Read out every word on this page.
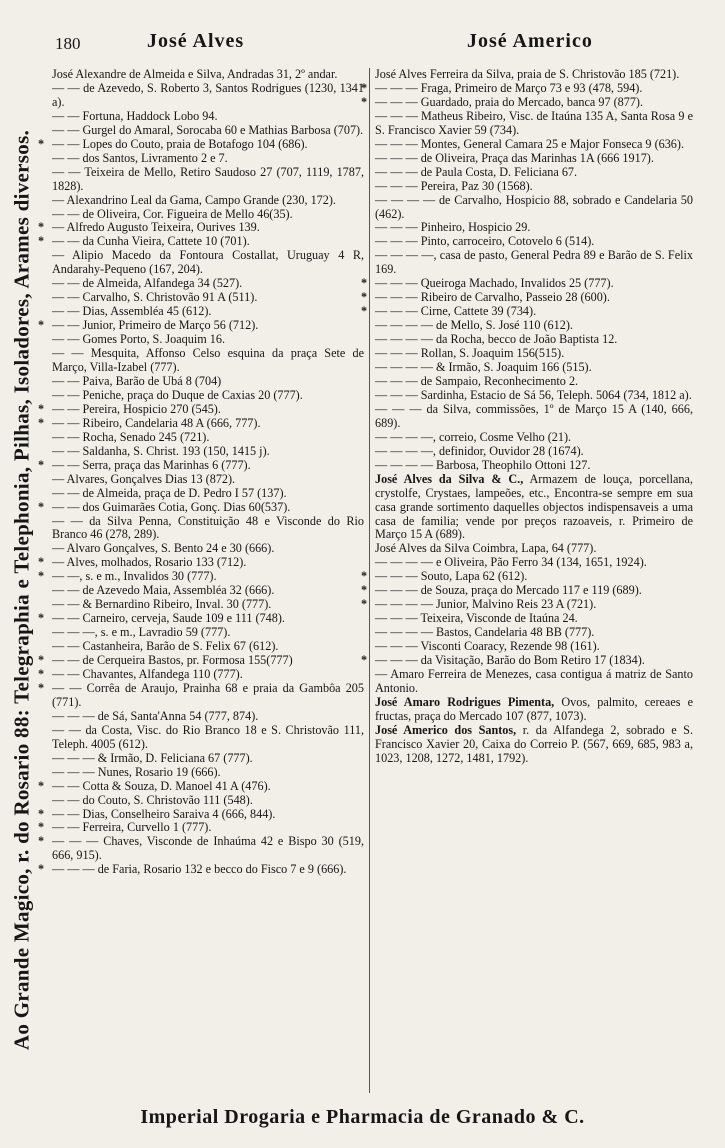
180	José Alves	José Americo
Ao Grande Magico, r. do Rosario 88: Telegraphia e Telephonia, Pilhas, Isoladores, Arames diversos.
José Alexandre de Almeida e Silva, Andradas 31, 2º andar.
— — de Azevedo, S. Roberto 3, Santos Rodrigues (1230, 1341 a).
— — Fortuna, Haddock Lobo 94.
— — Gurgel do Amaral, Sorocaba 60 e Mathias Barbosa (707).
* — — Lopes do Couto, praia de Botafogo 104 (686).
— — dos Santos, Livramento 2 e 7.
— — Teixeira de Mello, Retiro Saudoso 27 (707, 1119, 1787, 1828).
— Alexandrino Leal da Gama, Campo Grande (230, 172).
— — de Oliveira, Cor. Figueira de Mello 46(35).
* — Alfredo Augusto Teixeira, Ourives 139.
* — — da Cunha Vieira, Cattete 10 (701).
— Alipio Macedo da Fontoura Costallat, Uruguay 4 R, Andarahy-Pequeno (167, 204).
— — de Almeida, Alfandega 34 (527).
— — Carvalho, S. Christovão 91 A (511).
— — Dias, Assembléa 45 (612).
* — — Junior, Primeiro de Março 56 (712).
— — Gomes Porto, S. Joaquim 16.
— — Mesquita, Affonso Celso esquina da praça Sete de Março, Villa-Izabel (777).
— — Paiva, Barão de Ubá 8 (704)
— — Peniche, praça do Duque de Caxias 20 (777).
* — — Pereira, Hospicio 270 (545).
* — — Ribeiro, Candelaria 48 A (666, 777).
— — Rocha, Senado 245 (721).
— — Saldanha, S. Christ. 193 (150, 1415 j).
* — — Serra, praça das Marinhas 6 (777).
— Alvares, Gonçalves Dias 13 (872).
— — de Almeida, praça de D. Pedro I 57 (137).
* — — dos Guimarães Cotia, Gonç. Dias 60(537).
— — da Silva Penna, Constituição 48 e Visconde do Rio Branco 46 (278, 289).
— Alvaro Gonçalves, S. Bento 24 e 30 (666).
* — Alves, molhados, Rosario 133 (712).
* — —, s. e m., Invalidos 30 (777).
— — de Azevedo Maia, Assembléa 32 (666).
— — & Bernardino Ribeiro, Inval. 30 (777).
* — — Carneiro, cerveja, Saude 109 e 111 (748).
— — —, s. e m., Lavradio 59 (777).
— — Castanheira, Barão de S. Felix 67 (612).
* — — de Cerqueira Bastos, pr. Formosa 155(777)
* — — Chavantes, Alfandega 110 (777).
* — — Corrêa de Araujo, Prainha 68 e praia da Gambôa 205 (771).
— — — de Sá, Santa'Anna 54 (777, 874).
— — da Costa, Visc. do Rio Branco 18 e S. Christovão 111, Teleph. 4005 (612).
— — — & Irmão, D. Feliciana 67 (777).
— — — Nunes, Rosario 19 (666).
* — — Cotta & Souza, D. Manoel 41 A (476).
— — do Couto, S. Christovão 111 (548).
* — — Dias, Conselheiro Saraiva 4 (666, 844).
* — — Ferreira, Curvello 1 (777).
* — — — Chaves, Visconde de Inhaúma 42 e Bispo 30 (519, 666, 915).
* — — — de Faria, Rosario 132 e becco do Fisco 7 e 9 (666).
José Alves Ferreira da Silva, praia de S. Christovão 185 (721).
* — — — Fraga, Primeiro de Março 73 e 93 (478, 594).
* — — — Guardado, praia do Mercado, banca 97 (877).
— — — Matheus Ribeiro, Visc. de Itaúna 135 A, Santa Rosa 9 e S. Francisco Xavier 59 (734).
— — — Montes, General Camara 25 e Major Fonseca 9 (636).
— — — de Oliveira, Praça das Marinhas 1A (666 1917).
— — — de Paula Costa, D. Feliciana 67.
— — — Pereira, Paz 30 (1568).
— — — — de Carvalho, Hospicio 88, sobrado e Candelaria 50 (462).
— — — Pinheiro, Hospicio 29.
— — — Pinto, carroceiro, Cotovelo 6 (514).
— — — —, casa de pasto, General Pedra 89 e Barão de S. Felix 169.
* — — — Queiroga Machado, Invalidos 25 (777).
* — — — Ribeiro de Carvalho, Passeio 28 (600).
* — — — Cirne, Cattete 39 (734).
— — — — de Mello, S. José 110 (612).
— — — — da Rocha, becco de João Baptista 12.
— — — Rollan, S. Joaquim 156(515).
— — — — & Irmão, S. Joaquim 166 (515).
— — — de Sampaio, Reconhecimento 2.
— — — Sardinha, Estacio de Sá 56, Teleph. 5064 (734, 1812 a).
— — — da Silva, commissões, 1º de Março 15 A (140, 666, 689).
— — — —, correio, Cosme Velho (21).
— — — —, definidor, Ouvidor 28 (1674).
— — — — Barbosa, Theophilo Ottoni 127.
José Alves da Silva & C., Armazem de louça, porcellana, crystolfe, Crystaes, lampeões, etc., Encontra-se sempre em sua casa grande sortimento daquelles objectos indispensaveis a uma casa de familia; vende por preços razoaveis, r. Primeiro de Março 15 A (689).
José Alves da Silva Coimbra, Lapa, 64 (777).
— — — — e Oliveira, Pão Ferro 34 (134, 1651, 1924).
* — — — Souto, Lapa 62 (612).
* — — — de Souza, praça do Mercado 117 e 119 (689).
* — — — — Junior, Malvino Reis 23 A (721).
— — — Teixeira, Visconde de Itaúna 24.
— — — — Bastos, Candelaria 48 BB (777).
— — — Visconti Coaracy, Rezende 98 (161).
* — — — da Visitação, Barão do Bom Retiro 17 (1834).
— Amaro Ferreira de Menezes, casa contigua á matriz de Santo Antonio.
José Amaro Rodrigues Pimenta, Ovos, palmito, cereaes e fructas, praça do Mercado 107 (877, 1073).
José Americo dos Santos, r. da Alfandega 2, sobrado e S. Francisco Xavier 20, Caixa do Correio P. (567, 669, 685, 983 a, 1023, 1208, 1272, 1481, 1792).
Imperial Drogaria e Pharmacia de Granado & C.
